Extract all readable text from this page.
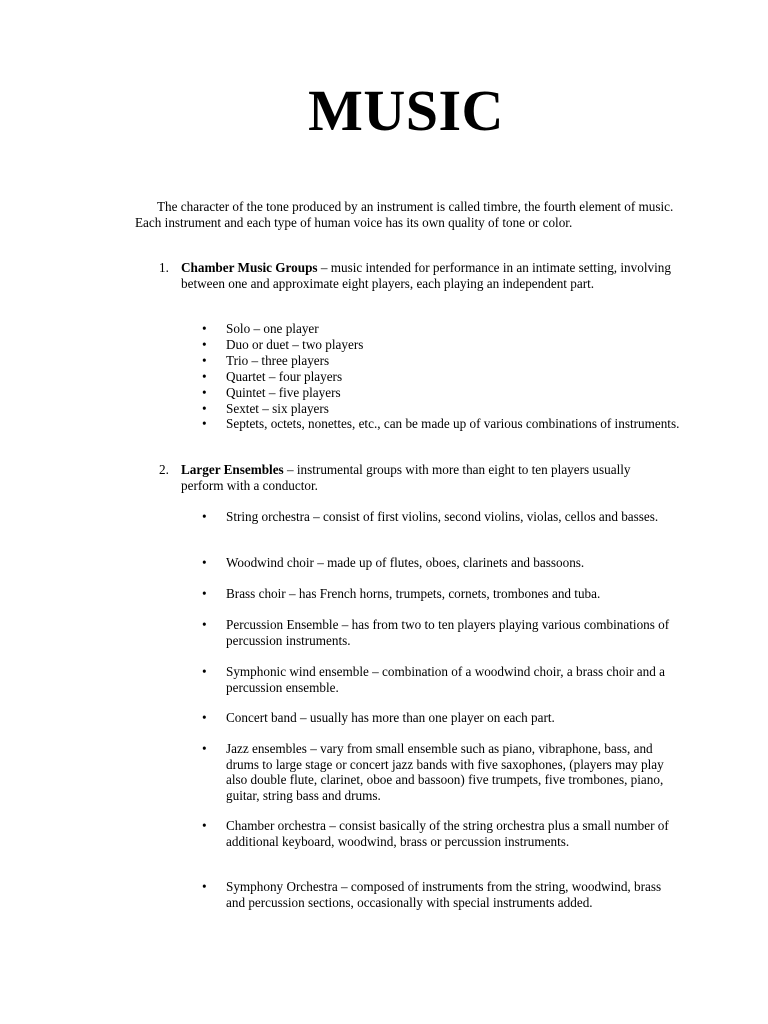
MUSIC
The character of the tone produced by an instrument is called timbre, the fourth element of music. Each instrument and each type of human voice has its own quality of tone or color.
1. Chamber Music Groups – music intended for performance in an intimate setting, involving between one and approximate eight players, each playing an independent part.
• Solo – one player
• Duo or duet – two players
• Trio – three players
• Quartet – four players
• Quintet – five players
• Sextet – six players
• Septets, octets, nonettes, etc., can be made up of various combinations of instruments.
2. Larger Ensembles – instrumental groups with more than eight to ten players usually perform with a conductor.
•	String orchestra – consist of first violins, second violins, violas, cellos and basses.
•	Woodwind choir – made up of flutes, oboes, clarinets and bassoons.
•	Brass choir – has French horns, trumpets, cornets, trombones and tuba.
•	Percussion Ensemble – has from two to ten players playing various combinations of percussion instruments.
•	Symphonic wind ensemble – combination of a woodwind choir, a brass choir and a percussion ensemble.
•	Concert band – usually has more than one player on each part.
•	Jazz ensembles – vary from small ensemble such as piano, vibraphone, bass, and drums to large stage or concert jazz bands with five saxophones, (players may play also double flute, clarinet, oboe and bassoon) five trumpets, five trombones, piano, guitar, string bass and drums.
•	Chamber orchestra – consist basically of the string orchestra plus a small number of additional keyboard, woodwind, brass or percussion instruments.
•	Symphony Orchestra – composed of instruments from the string, woodwind, brass and percussion sections, occasionally with special instruments added.
